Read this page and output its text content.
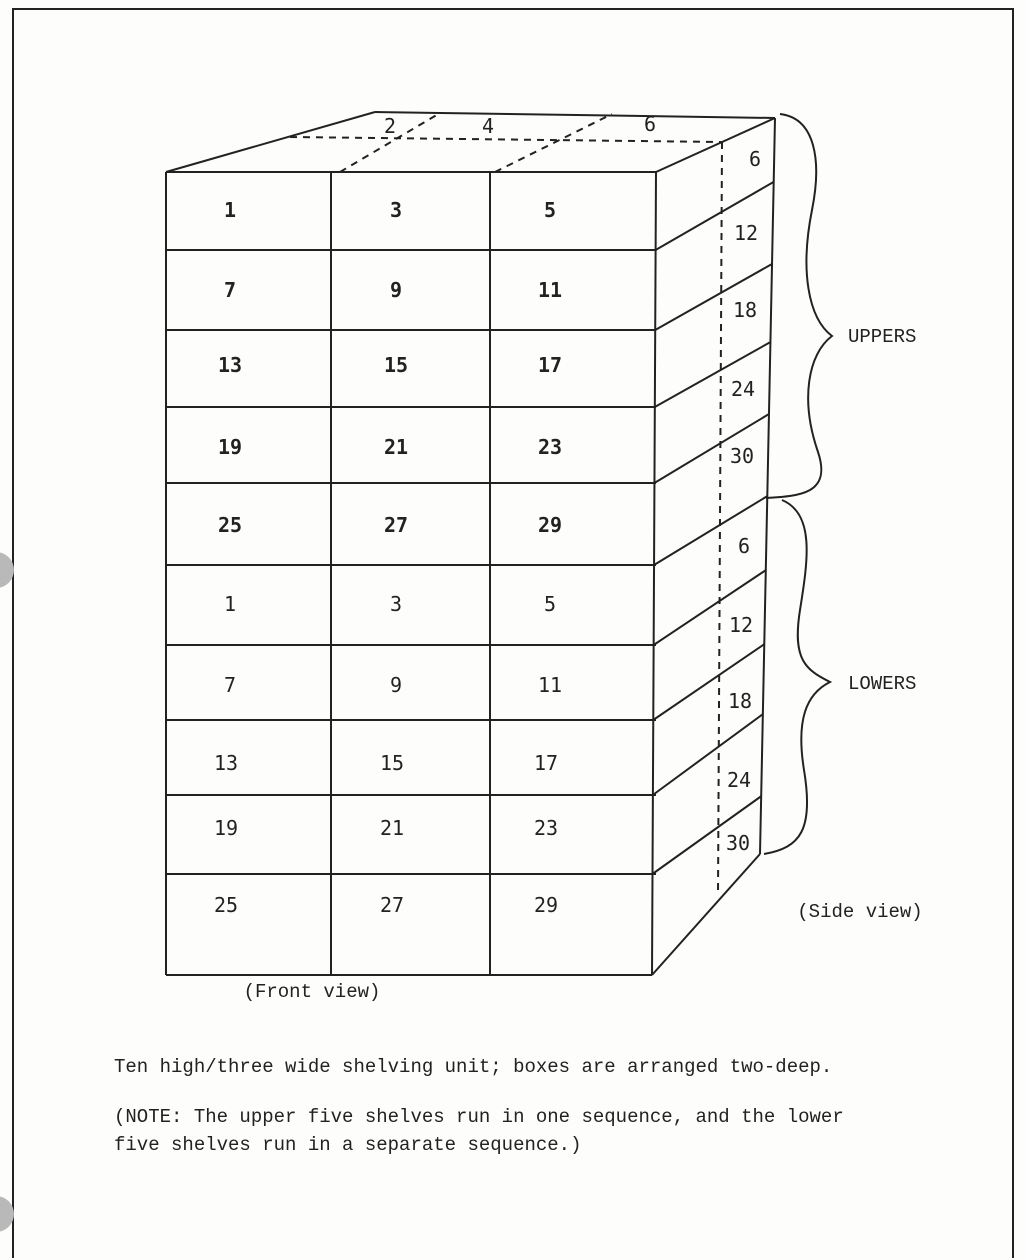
2	4	6
1	3	5
7	9	11
13	15	17
19	21	23
25	27	29
1	3	5
7	9	11
13	15	17
19	21	23
25	27	29
6
12
18
24
30
6
12
18
24
30
UPPERS
LOWERS
(Front view)
(Side view)

Ten high/three wide shelving unit; boxes are arranged two-deep.

(NOTE: The upper five shelves run in one sequence, and the lower

five shelves run in a separate sequence.)
